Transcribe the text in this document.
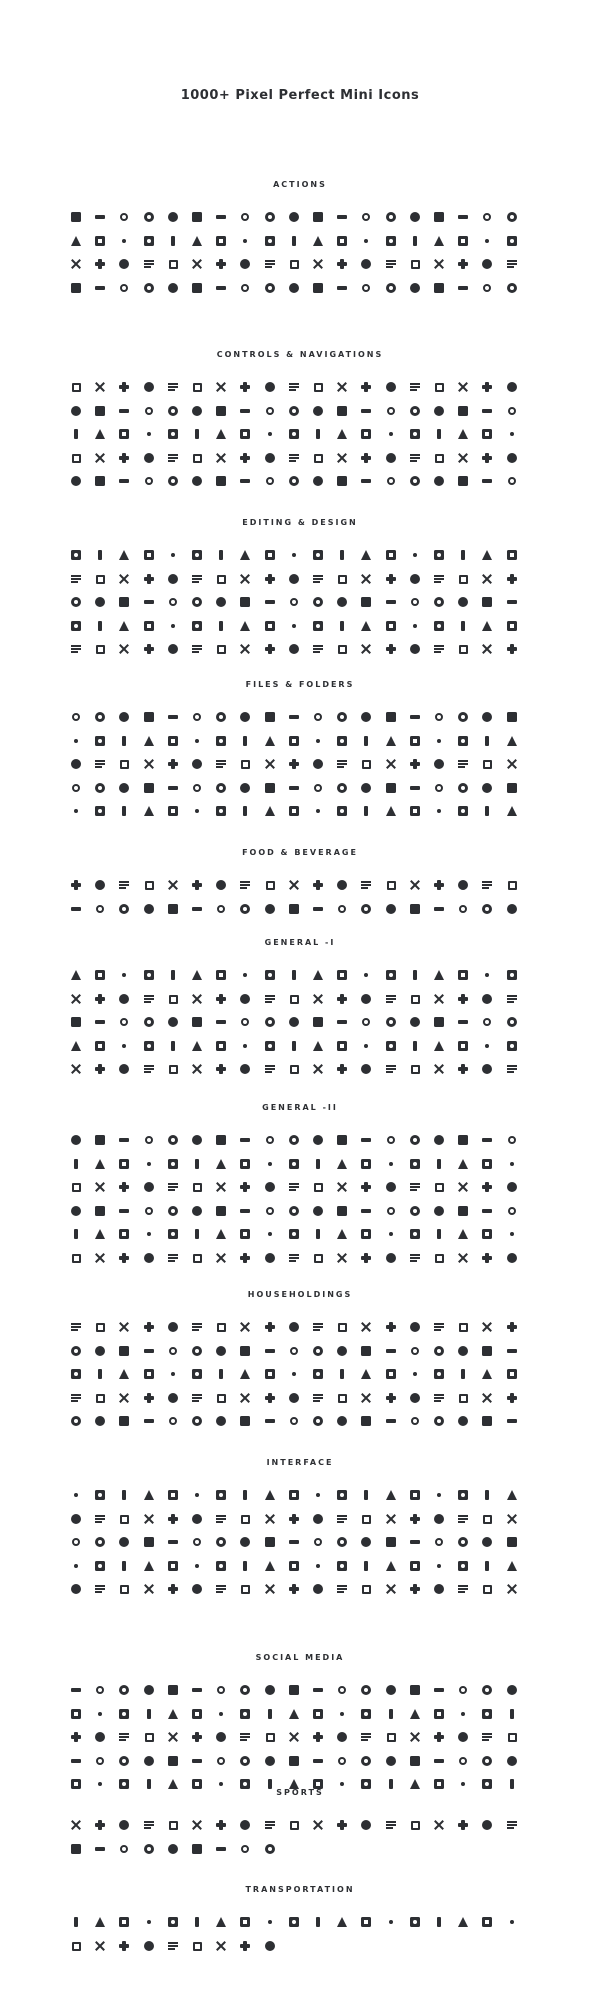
1000+ Pixel Perfect Mini Icons
ACTIONS
CONTROLS & NAVIGATIONS
EDITING & DESIGN
FILES & FOLDERS
FOOD & BEVERAGE
GENERAL -I
GENERAL -II
HOUSEHOLDINGS
INTERFACE
SOCIAL MEDIA
SPORTS
TRANSPORTATION
